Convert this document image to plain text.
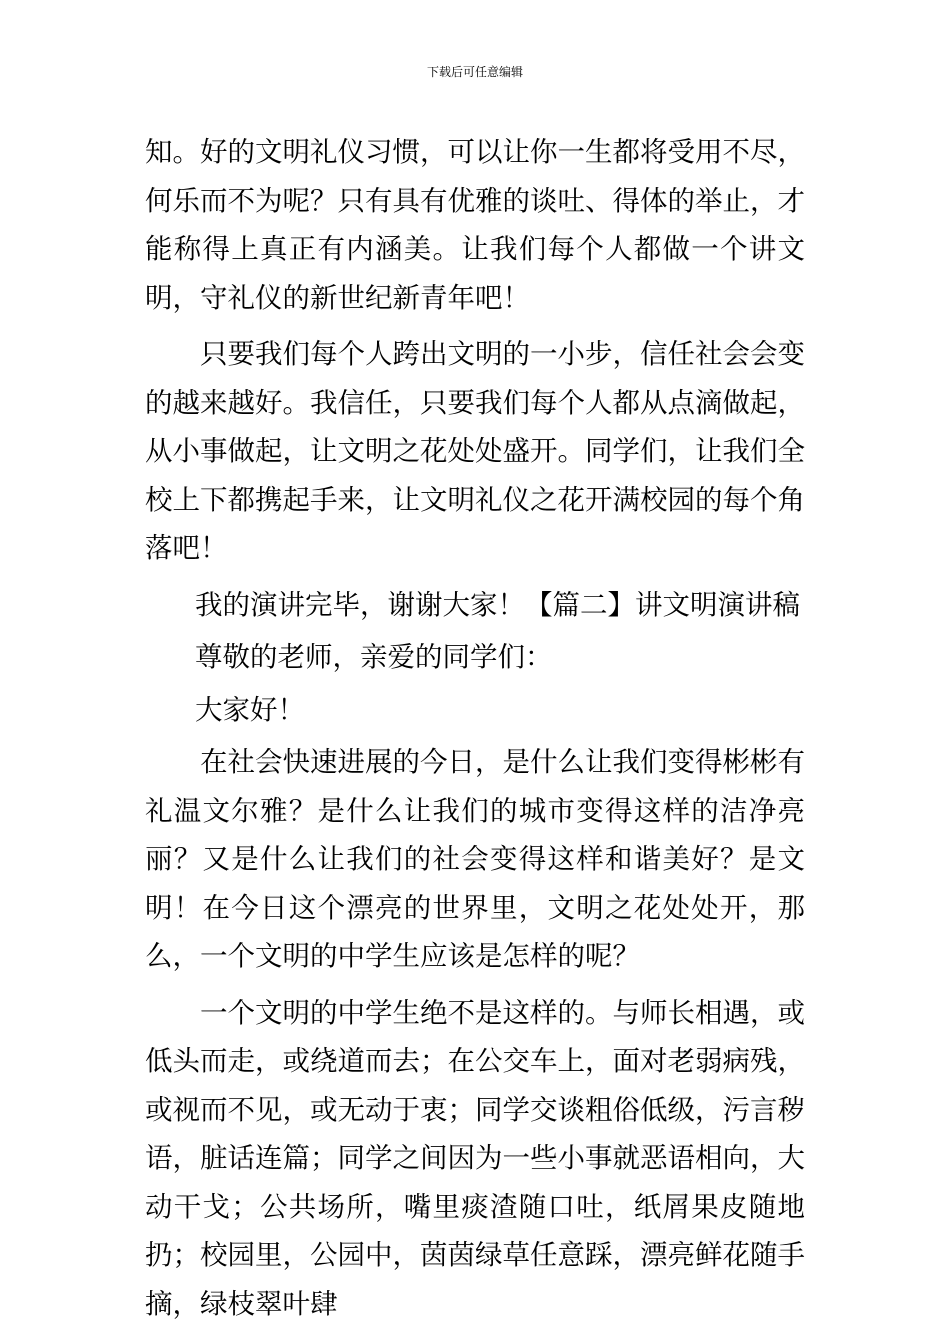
下载后可任意编辑

知。好的文明礼仪习惯，可以让你一生都将受用不尽，何乐而不为呢？只有具有优雅的谈吐、得体的举止，才能称得上真正有内涵美。让我们每个人都做一个讲文明，守礼仪的新世纪新青年吧！

只要我们每个人跨出文明的一小步，信任社会会变的越来越好。我信任，只要我们每个人都从点滴做起，从小事做起，让文明之花处处盛开。同学们，让我们全校上下都携起手来，让文明礼仪之花开满校园的每个角落吧！

我的演讲完毕，谢谢大家！【篇二】讲文明演讲稿

尊敬的老师，亲爱的同学们：

大家好！

在社会快速进展的今日，是什么让我们变得彬彬有礼温文尔雅？是什么让我们的城市变得这样的洁净亮丽？又是什么让我们的社会变得这样和谐美好？是文明！在今日这个漂亮的世界里，文明之花处处开，那么，一个文明的中学生应该是怎样的呢？

一个文明的中学生绝不是这样的。与师长相遇，或低头而走，或绕道而去；在公交车上，面对老弱病残，或视而不见，或无动于衷；同学交谈粗俗低级，污言秽语，脏话连篇；同学之间因为一些小事就恶语相向，大动干戈；公共场所，嘴里痰渣随口吐，纸屑果皮随地扔；校园里，公园中，茵茵绿草任意踩，漂亮鲜花随手摘，绿枝翠叶肆
